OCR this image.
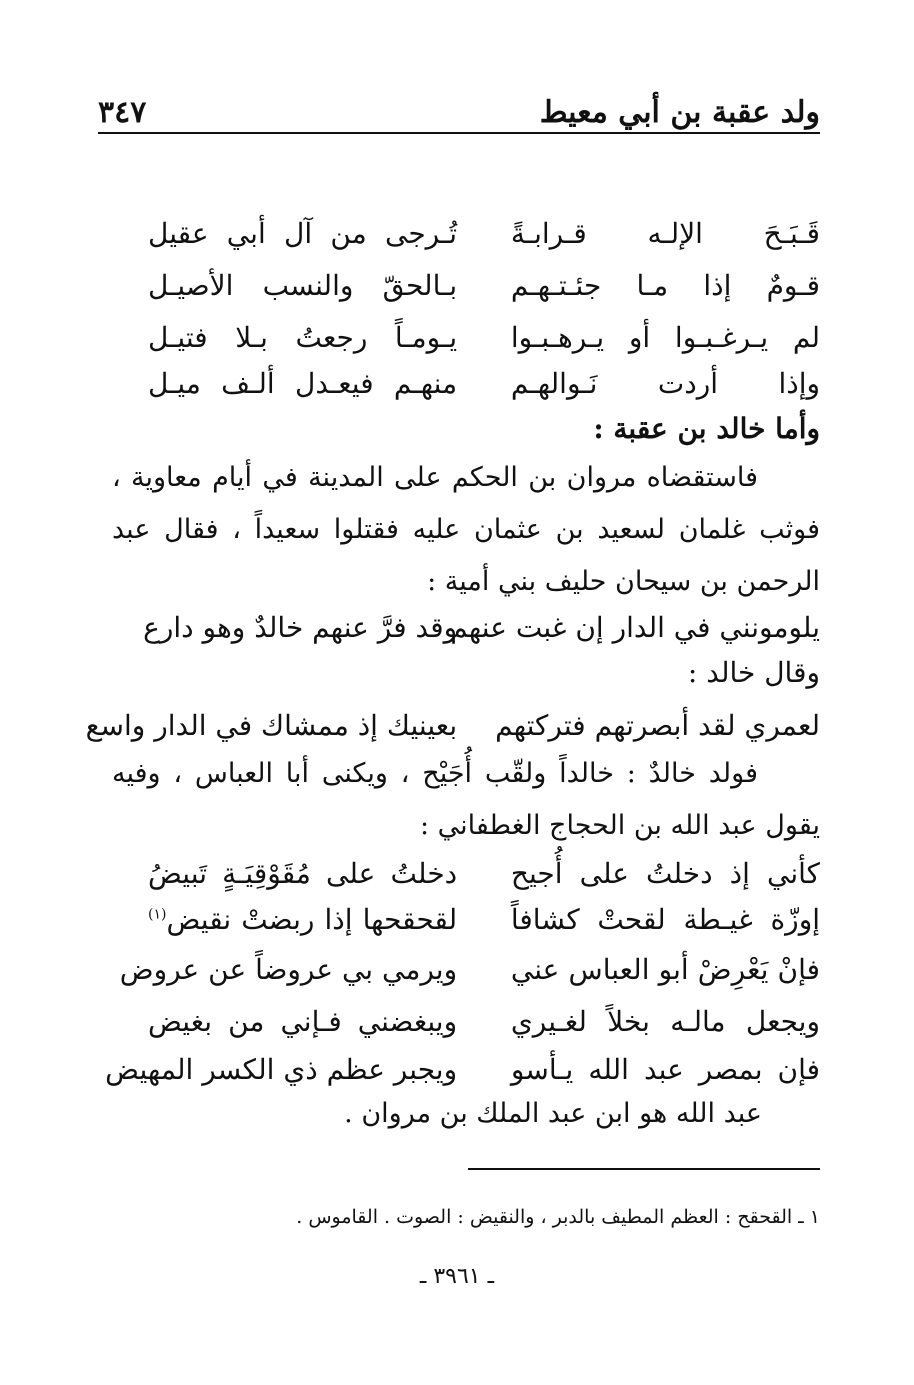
ولد عقبة بن أبي معيط
٣٤٧
قَـبَـحَ الإلـه قـرابـةً
تُـرجى من آل أبي عقيل
قـومٌ إذا مـا جئـتـهـم
بـالحقّ والنسب الأصيـل
لم يـرغـبـوا أو يـرهـبـوا
يـومـاً رجعتُ بـلا فتيـل
وإذا أردت نَـوالهـم
منهـم فيعـدل ألـف ميـل
وأما خالد بن عقبة :
فاستقضاه مروان بن الحكم على المدينة في أيام معاوية ، فوثب غلمان لسعيد بن عثمان عليه فقتلوا سعيداً ، فقال عبد الرحمن بن سيحان حليف بني أمية :
يلومونني في الدار إن غبت عنهم
وقد فرَّ عنهم خالدٌ وهو دارع
وقال خالد :
لعمري لقد أبصرتهم فتركتهم
بعينيك إذ ممشاك في الدار واسع
فولد خالدٌ : خالداً ولقّب أُجَيْح ، ويكنى أبا العباس ، وفيه يقول عبد الله بن الحجاج الغطفاني :
كأني إذ دخلتُ على أُجيح
دخلتُ على مُقَوْقِيَـةٍ تَبيضُ
إوزّة غيـطة لقحتْ كشافاً
لقحقحها إذا ربضتْ نقيض$^{(١)}$
فإنْ يَعْرِضْ أبو العباس عني
ويرمي بي عروضاً عن عروض
ويجعل مالـه بخلاً لغـيري
ويبغضني فـإني من بغيض
فإن بمصر عبد الله يـأسو
ويجبر عظم ذي الكسر المهيض
عبد الله هو ابن عبد الملك بن مروان .
١ ـ القحقح : العظم المطيف بالدبر ، والنقيض : الصوت . القاموس .
ـ ٣٩٦١ ـ
